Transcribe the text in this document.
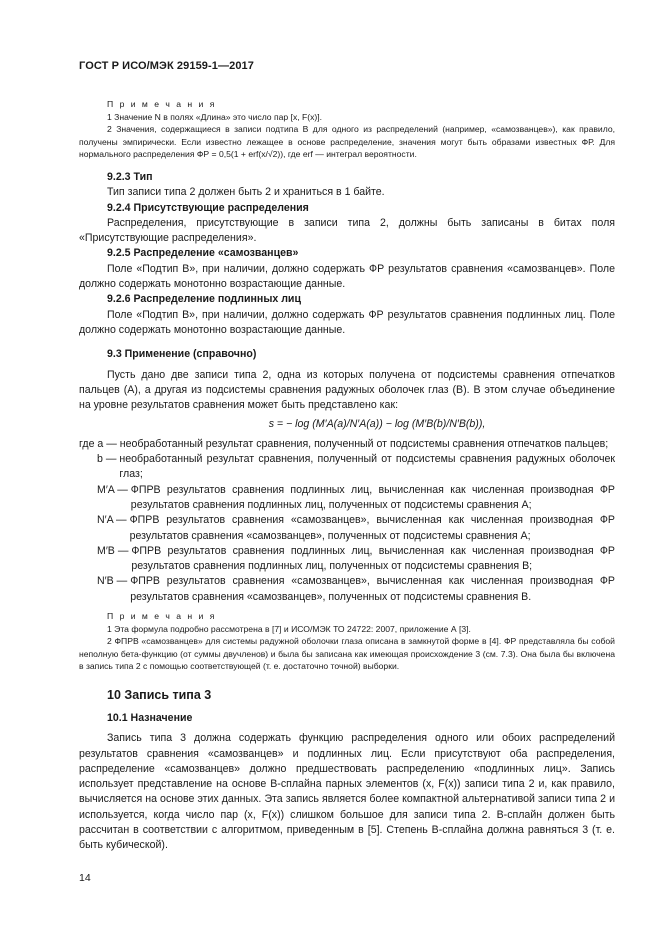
ГОСТ Р ИСО/МЭК 29159-1—2017

П р и м е ч а н и я

1 Значение N в полях «Длина» это число пар [x, F(x)].

2 Значения, содержащиеся в записи подтипа B для одного из распределений (например, «самозванцев»), как правило, получены эмпирически. Если известно лежащее в основе распределение, значения могут быть образами известных ФР. Для нормального распределения ФР = 0,5(1 + erf(x/√2)), где erf — интеграл вероятности.

9.2.3 Тип

Тип записи типа 2 должен быть 2 и храниться в 1 байте.

9.2.4 Присутствующие распределения

Распределения, присутствующие в записи типа 2, должны быть записаны в битах поля «Присутствующие распределения».

9.2.5 Распределение «самозванцев»

Поле «Подтип B», при наличии, должно содержать ФР результатов сравнения «самозванцев». Поле должно содержать монотонно возрастающие данные.

9.2.6 Распределение подлинных лиц

Поле «Подтип B», при наличии, должно содержать ФР результатов сравнения подлинных лиц. Поле должно содержать монотонно возрастающие данные.

9.3 Применение (справочно)

Пусть дано две записи типа 2, одна из которых получена от подсистемы сравнения отпечатков пальцев (A), а другая из подсистемы сравнения радужных оболочек глаз (B). В этом случае объединение на уровне результатов сравнения может быть представлено как:

s = − log (M′A(a)/N′A(a)) − log (M′B(b)/N′B(b)),

где a —
необработанный результат сравнения, полученный от подсистемы сравнения отпечатков пальцев;
b —
необработанный результат сравнения, полученный от подсистемы сравнения радужных оболочек глаз;
M′A —
ФПРВ результатов сравнения подлинных лиц, вычисленная как численная производная ФР результатов сравнения подлинных лиц, полученных от подсистемы сравнения A;
N′A —
ФПРВ результатов сравнения «самозванцев», вычисленная как численная производная ФР результатов сравнения «самозванцев», полученных от подсистемы сравнения A;
M′B —
ФПРВ результатов сравнения подлинных лиц, вычисленная как численная производная ФР результатов сравнения подлинных лиц, полученных от подсистемы сравнения B;
N′B —
ФПРВ результатов сравнения «самозванцев», вычисленная как численная производная ФР результатов сравнения «самозванцев», полученных от подсистемы сравнения B.

П р и м е ч а н и я

1 Эта формула подробно рассмотрена в [7] и ИСО/МЭК ТО 24722: 2007, приложение А [3].

2 ФПРВ «самозванцев» для системы радужной оболочки глаза описана в замкнутой форме в [4]. ФР представляла бы собой неполную бета-функцию (от суммы двучленов) и была бы записана как имеющая происхождение 3 (см. 7.3). Она была бы включена в запись типа 2 с помощью соответствующей (т. е. достаточно точной) выборки.

10 Запись типа 3

10.1 Назначение

Запись типа 3 должна содержать функцию распределения одного или обоих распределений результатов сравнения «самозванцев» и подлинных лиц. Если присутствуют оба распределения, распределение «самозванцев» должно предшествовать распределению «подлинных лиц». Запись использует представление на основе B-сплайна парных элементов (x, F(x)) записи типа 2 и, как правило, вычисляется на основе этих данных. Эта запись является более компактной альтернативой записи типа 2 и используется, когда число пар (x, F(x)) слишком большое для записи типа 2. B-сплайн должен быть рассчитан в соответствии с алгоритмом, приведенным в [5]. Степень B-сплайна должна равняться 3 (т. е. быть кубической).

14
